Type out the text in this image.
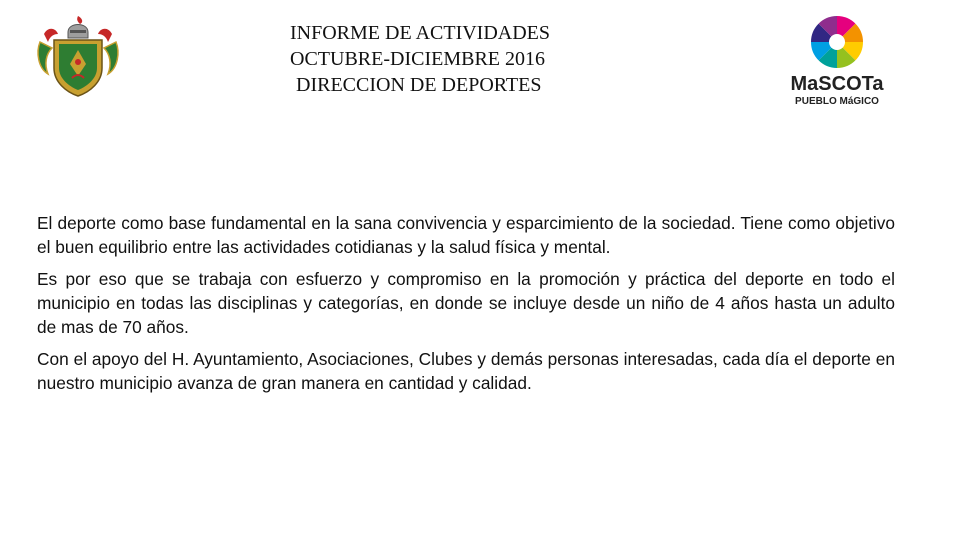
INFORME DE ACTIVIDADES
OCTUBRE-DICIEMBRE 2016
DIRECCION DE DEPORTES	MaSCOTa
PUEBLO MáGICO

El deporte como base fundamental en la sana convivencia y esparcimiento de la sociedad. Tiene como objetivo el buen equilibrio entre las actividades cotidianas y la salud física y mental.

Es por eso que se trabaja con esfuerzo y compromiso en la promoción y práctica del deporte en todo el municipio en todas las disciplinas y categorías, en donde se incluye desde un niño de 4 años hasta un adulto de mas de 70 años.

Con el apoyo del H. Ayuntamiento, Asociaciones, Clubes y demás personas interesadas, cada día el deporte en nuestro municipio avanza de gran manera en cantidad y calidad.
